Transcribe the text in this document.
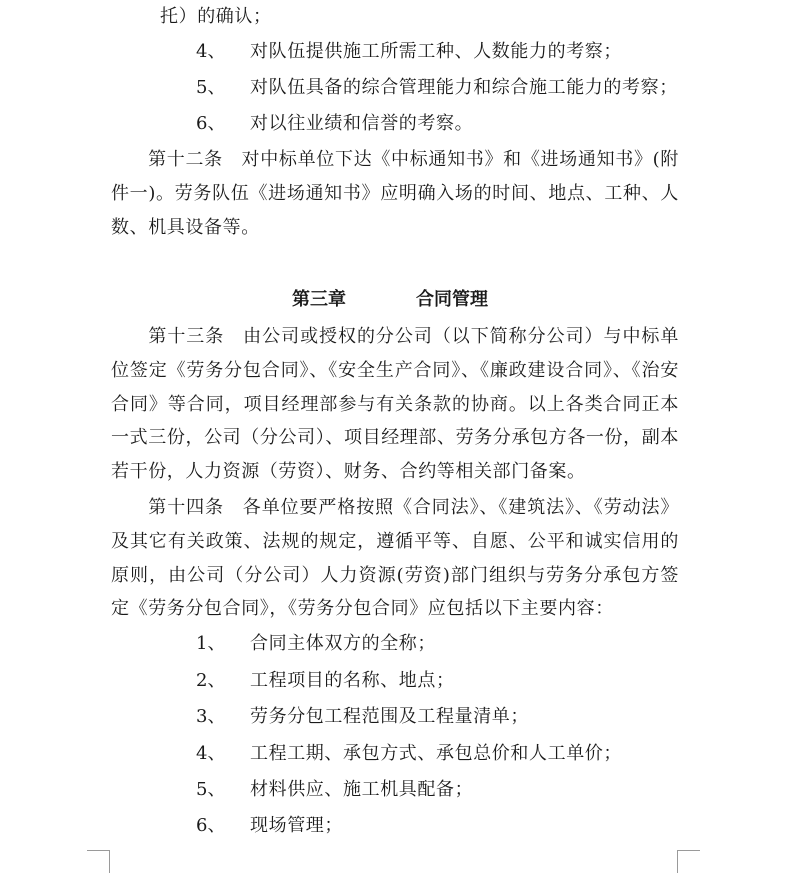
托）的确认；
4、 对队伍提供施工所需工种、人数能力的考察；
5、 对队伍具备的综合管理能力和综合施工能力的考察；
6、 对以往业绩和信誉的考察。

第十二条　对中标单位下达《中标通知书》和《进场通知书》(附件一)。劳务队伍《进场通知书》应明确入场的时间、地点、工种、人数、机具设备等。

第三章	合同管理

第十三条　由公司或授权的分公司（以下简称分公司）与中标单位签定《劳务分包合同》、《安全生产合同》、《廉政建设合同》、《治安合同》等合同，项目经理部参与有关条款的协商。以上各类合同正本一式三份，公司（分公司）、项目经理部、劳务分承包方各一份，副本若干份，人力资源（劳资）、财务、合约等相关部门备案。

第十四条　各单位要严格按照《合同法》、《建筑法》、《劳动法》及其它有关政策、法规的规定，遵循平等、自愿、公平和诚实信用的原则，由公司（分公司）人力资源(劳资)部门组织与劳务分承包方签定《劳务分包合同》，《劳务分包合同》应包括以下主要内容：

1、 合同主体双方的全称；
2、 工程项目的名称、地点；
3、 劳务分包工程范围及工程量清单；
4、 工程工期、承包方式、承包总价和人工单价；
5、 材料供应、施工机具配备；
6、 现场管理；
